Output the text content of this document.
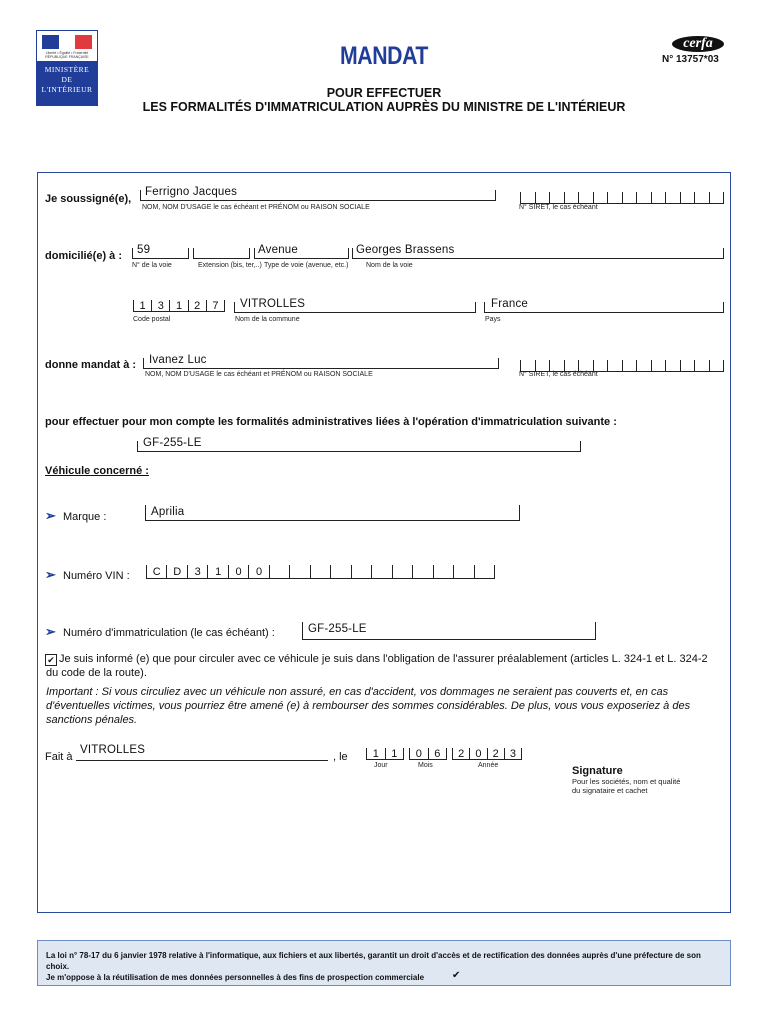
Liberté • Égalité • Fraternité RÉPUBLIQUE FRANÇAISE
MINISTÈRE
DE
L'INTÉRIEUR
MANDAT
POUR EFFECTUER
LES FORMALITÉS D'IMMATRICULATION AUPRÈS DU MINISTRE DE L'INTÉRIEUR
cerfa
N° 13757*03
Je soussigné(e),
Ferrigno Jacques
NOM, NOM D'USAGE le cas échéant et PRÉNOM ou RAISON SOCIALE	N° SIRET, le cas échéant
domicilié(e) à : 59
N° de la voie	Extension (bis, ter,..)
Avenue
Type de voie (avenue, etc.)
Georges Brassens
Nom de la voie
1	3	1	2	7
Code postal
VITROLLES
Nom de la commune
France
Pays
donne mandat à : Ivanez Luc
NOM, NOM D'USAGE le cas échéant et PRÉNOM ou RAISON SOCIALE	N° SIRET, le cas échéant
pour effectuer pour mon compte les formalités administratives liées à l'opération d'immatriculation suivante :
GF-255-LE
Véhicule concerné :
➢ Marque :	Aprilia
➢ Numéro VIN :	C	D	3	1	0	0
➢ Numéro d'immatriculation (le cas échéant) :	GF-255-LE
✔ Je suis informé (e) que pour circuler avec ce véhicule je suis dans l'obligation de l'assurer préalablement (articles L. 324-1 et L. 324-2 du code de la route).
Important : Si vous circuliez avec un véhicule non assuré, en cas d'accident, vos dommages ne seraient pas couverts et, en cas d'éventuelles victimes, vous pourriez être amené (e) à rembourser des sommes considérables. De plus, vous vous exposeriez à des sanctions pénales.
Fait à
VITROLLES
, le	1	1	0	6	2	0	2	3
Jour	Mois	Année	Signature
Pour les sociétés, nom et qualité
du signataire et cachet
La loi n° 78-17 du 6 janvier 1978 relative à l'informatique, aux fichiers et aux libertés, garantit un droit d'accès et de rectification des données auprès d'une préfecture de son choix.
Je m'oppose à la réutilisation de mes données personnelles à des fins de prospection commerciale	✔
